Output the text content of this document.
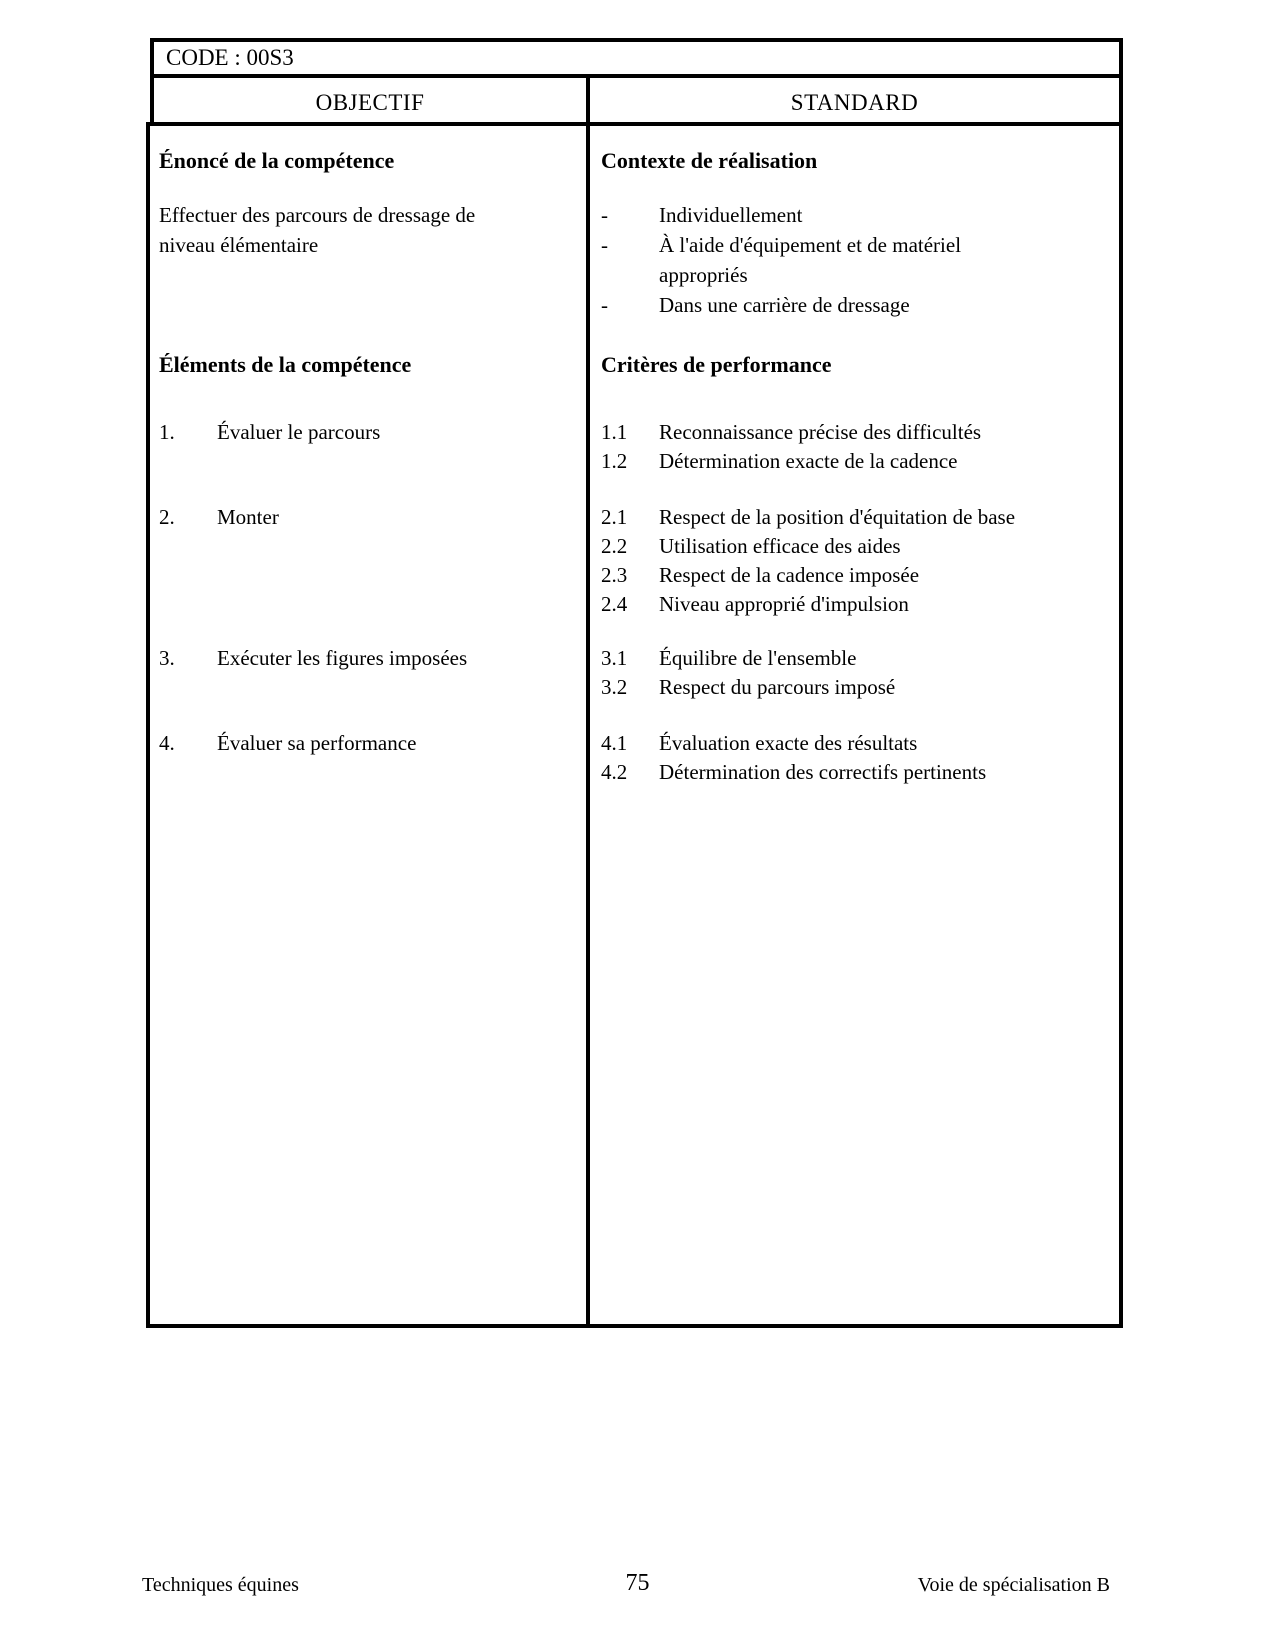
CODE : 00S3
OBJECTIF	STANDARD

Énoncé de la compétence

Effectuer des parcours de dressage de
niveau élémentaire

Éléments de la compétence

1.	Évaluer le parcours
2.	Monter
3.	Exécuter les figures imposées
4.	Évaluer sa performance

Contexte de réalisation

-	Individuellement
-	À l'aide d'équipement et de matériel
appropriés
-	Dans une carrière de dressage

Critères de performance

1.1	Reconnaissance précise des difficultés
1.2	Détermination exacte de la cadence
2.1	Respect de la position d'équitation de base
2.2	Utilisation efficace des aides
2.3	Respect de la cadence imposée
2.4	Niveau approprié d'impulsion
3.1	Équilibre de l'ensemble
3.2	Respect du parcours imposé
4.1	Évaluation exacte des résultats
4.2	Détermination des correctifs pertinents
Techniques équines	75	Voie de spécialisation B
